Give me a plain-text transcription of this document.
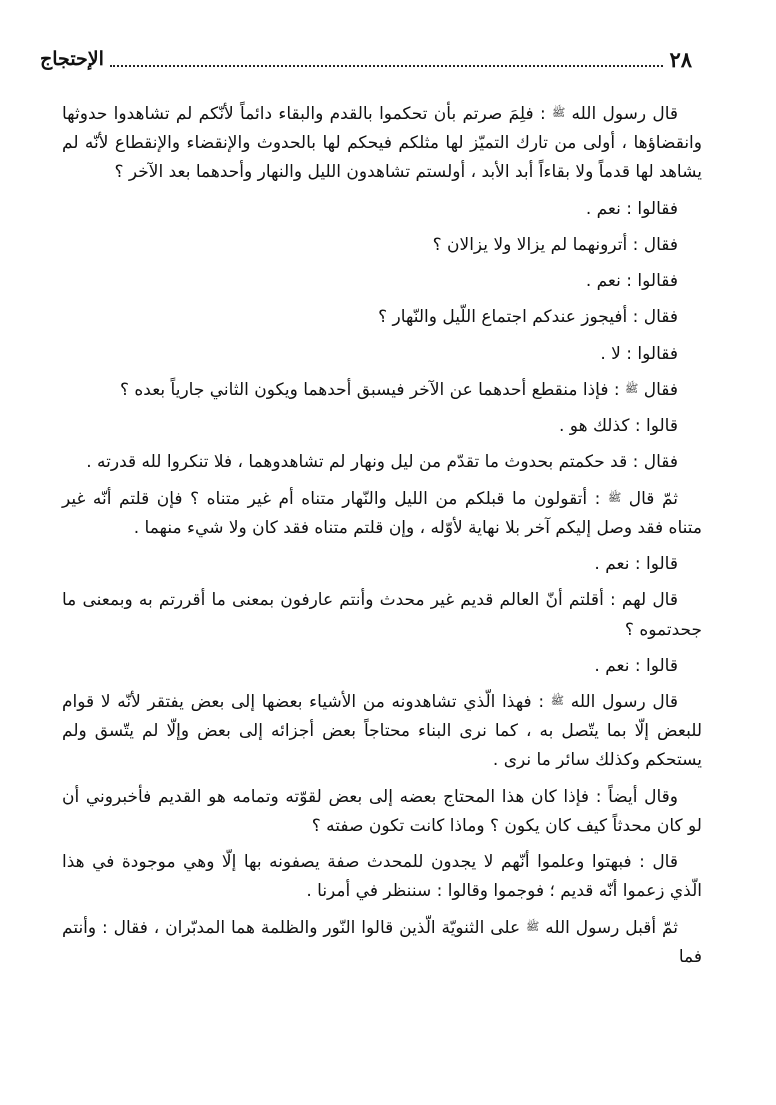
٢٨
الإحتجاج

قال رسول الله ﷺ : فلِمَ صرتم بأن تحكموا بالقدم والبقاء دائماً لأنّكم لم تشاهدوا حدوثها وانقضاؤها ، أولى من تارك التميّز لها مثلكم فيحكم لها بالحدوث والإنقضاء والإنقطاع لأنّه لم يشاهد لها قدماً ولا بقاءاً أبد الأبد ، أولستم تشاهدون الليل والنهار وأحدهما بعد الآخر ؟

فقالوا : نعم .

فقال : أترونهما لم يزالا ولا يزالان ؟

فقالوا : نعم .

فقال : أفيجوز عندكم اجتماع اللّيل والنّهار ؟

فقالوا : لا .

فقال ﷺ : فإذا منقطع أحدهما عن الآخر فيسبق أحدهما ويكون الثاني جارياً بعده ؟

قالوا : كذلك هو .

فقال : قد حكمتم بحدوث ما تقدّم من ليل ونهار لم تشاهدوهما ، فلا تنكروا لله قدرته .

ثمّ قال ﷺ : أتقولون ما قبلكم من الليل والنّهار متناه أم غير متناه ؟ فإن قلتم أنّه غير متناه فقد وصل إليكم آخر بلا نهاية لأوّله ، وإن قلتم متناه فقد كان ولا شيء منهما .

قالوا : نعم .

قال لهم : أقلتم أنّ العالم قديم غير محدث وأنتم عارفون بمعنى ما أقررتم به وبمعنى ما جحدتموه ؟

قالوا : نعم .

قال رسول الله ﷺ : فهذا الّذي تشاهدونه من الأشياء بعضها إلى بعض يفتقر لأنّه لا قوام للبعض إلّا بما يتّصل به ، كما نرى البناء محتاجاً بعض أجزائه إلى بعض وإلّا لم يتّسق ولم يستحكم وكذلك سائر ما نرى .

وقال أيضاً : فإذا كان هذا المحتاج بعضه إلى بعض لقوّته وتمامه هو القديم فأخبروني أن لو كان محدثاً كيف كان يكون ؟ وماذا كانت تكون صفته ؟

قال : فبهتوا وعلموا أنّهم لا يجدون للمحدث صفة يصفونه بها إلّا وهي موجودة في هذا الّذي زعموا أنّه قديم ؛ فوجموا وقالوا : سننظر في أمرنا .

ثمّ أقبل رسول الله ﷺ على الثنويّة الّذين قالوا النّور والظلمة هما المدبّران ، فقال : وأنتم فما
